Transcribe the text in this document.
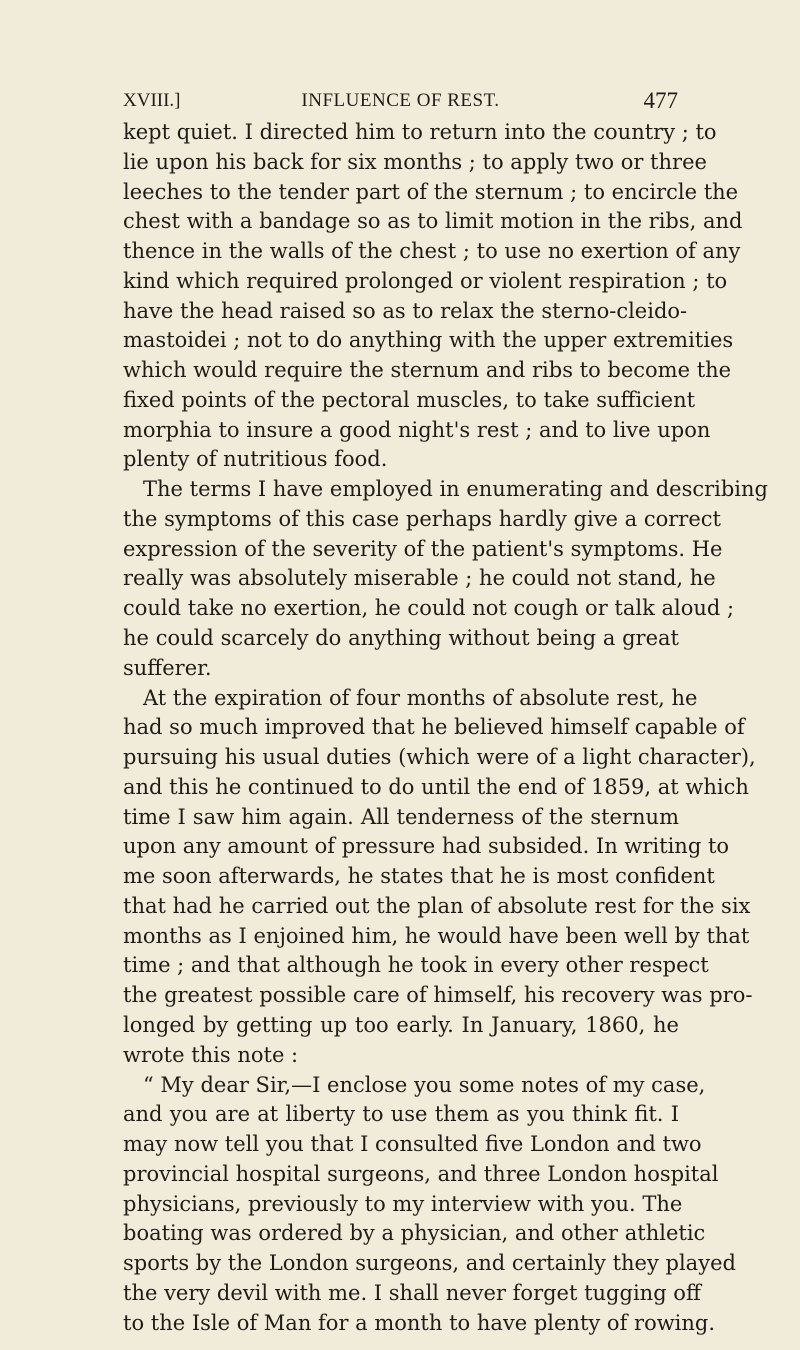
XVIII.]	INFLUENCE OF REST.	477
kept quiet. I directed him to return into the country ; to
lie upon his back for six months ; to apply two or three
leeches to the tender part of the sternum ; to encircle the
chest with a bandage so as to limit motion in the ribs, and
thence in the walls of the chest ; to use no exertion of any
kind which required prolonged or violent respiration ; to
have the head raised so as to relax the sterno-cleido-
mastoidei ; not to do anything with the upper extremities
which would require the sternum and ribs to become the
fixed points of the pectoral muscles, to take sufficient
morphia to insure a good night's rest ; and to live upon
plenty of nutritious food.
The terms I have employed in enumerating and describing
the symptoms of this case perhaps hardly give a correct
expression of the severity of the patient's symptoms. He
really was absolutely miserable ; he could not stand, he
could take no exertion, he could not cough or talk aloud ;
he could scarcely do anything without being a great
sufferer.
At the expiration of four months of absolute rest, he
had so much improved that he believed himself capable of
pursuing his usual duties (which were of a light character),
and this he continued to do until the end of 1859, at which
time I saw him again. All tenderness of the sternum
upon any amount of pressure had subsided. In writing to
me soon afterwards, he states that he is most confident
that had he carried out the plan of absolute rest for the six
months as I enjoined him, he would have been well by that
time ; and that although he took in every other respect
the greatest possible care of himself, his recovery was pro-
longed by getting up too early. In January, 1860, he
wrote this note :
“ My dear Sir,—I enclose you some notes of my case,
and you are at liberty to use them as you think fit. I
may now tell you that I consulted five London and two
provincial hospital surgeons, and three London hospital
physicians, previously to my interview with you. The
boating was ordered by a physician, and other athletic
sports by the London surgeons, and certainly they played
the very devil with me. I shall never forget tugging off
to the Isle of Man for a month to have plenty of rowing.
